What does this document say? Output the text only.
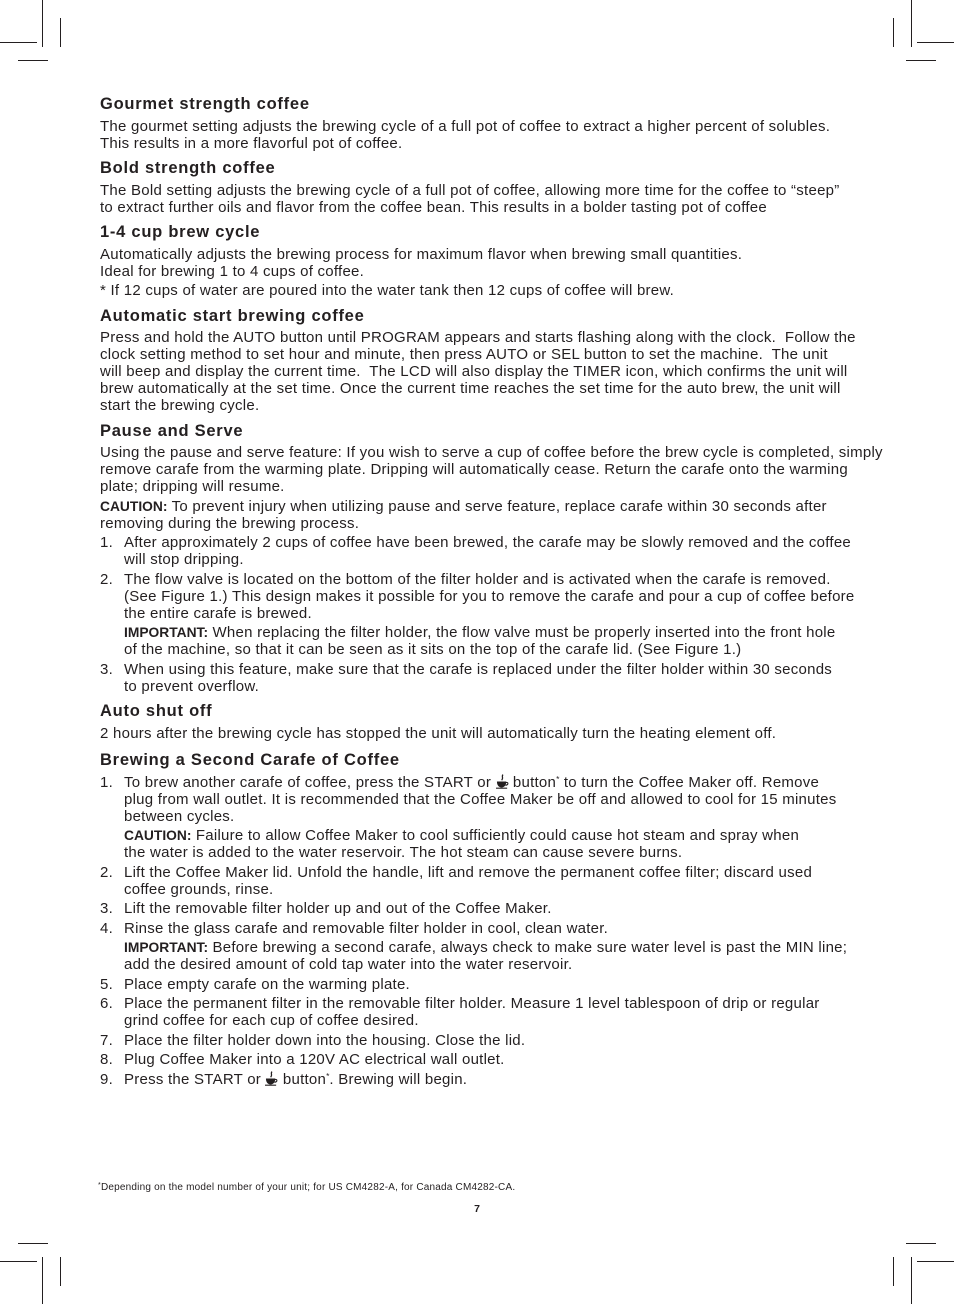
Gourmet strength coffee
The gourmet setting adjusts the brewing cycle of a full pot of coffee to extract a higher percent of solubles.
This results in a more flavorful pot of coffee.
Bold strength coffee
The Bold setting adjusts the brewing cycle of a full pot of coffee, allowing more time for the coffee to “steep”
to extract further oils and flavor from the coffee bean. This results in a bolder tasting pot of coffee
1-4 cup brew cycle
Automatically adjusts the brewing process for maximum flavor when brewing small quantities.
Ideal for brewing 1 to 4 cups of coffee.
* If 12 cups of water are poured into the water tank then 12 cups of coffee will brew.
Automatic start brewing coffee
Press and hold the AUTO button until PROGRAM appears and starts flashing along with the clock.  Follow the
clock setting method to set hour and minute, then press AUTO or SEL button to set the machine.  The unit
will beep and display the current time.  The LCD will also display the TIMER icon, which confirms the unit will
brew automatically at the set time. Once the current time reaches the set time for the auto brew, the unit will
start the brewing cycle.
Pause and Serve
Using the pause and serve feature: If you wish to serve a cup of coffee before the brew cycle is completed, simply
remove carafe from the warming plate. Dripping will automatically cease. Return the carafe onto the warming
plate; dripping will resume.
CAUTION: To prevent injury when utilizing pause and serve feature, replace carafe within 30 seconds after
removing during the brewing process.
1. After approximately 2 cups of coffee have been brewed, the carafe may be slowly removed and the coffee
will stop dripping.
2. The flow valve is located on the bottom of the filter holder and is activated when the carafe is removed.
(See Figure 1.) This design makes it possible for you to remove the carafe and pour a cup of coffee before
the entire carafe is brewed.
IMPORTANT: When replacing the filter holder, the flow valve must be properly inserted into the front hole
of the machine, so that it can be seen as it sits on the top of the carafe lid. (See Figure 1.)
3. When using this feature, make sure that the carafe is replaced under the filter holder within 30 seconds
to prevent overflow.
Auto shut off
2 hours after the brewing cycle has stopped the unit will automatically turn the heating element off.
Brewing a Second Carafe of Coffee
1. To brew another carafe of coffee, press the START or
button* to turn the Coffee Maker off. Remove
plug from wall outlet. It is recommended that the Coffee Maker be off and allowed to cool for 15 minutes
between cycles.
CAUTION: Failure to allow Coffee Maker to cool sufficiently could cause hot steam and spray when
the water is added to the water reservoir. The hot steam can cause severe burns.
2. Lift the Coffee Maker lid. Unfold the handle, lift and remove the permanent coffee filter; discard used
coffee grounds, rinse.
3. Lift the removable filter holder up and out of the Coffee Maker.
4. Rinse the glass carafe and removable filter holder in cool, clean water.
IMPORTANT: Before brewing a second carafe, always check to make sure water level is past the MIN line;
add the desired amount of cold tap water into the water reservoir.
5. Place empty carafe on the warming plate.
6. Place the permanent filter in the removable filter holder. Measure 1 level tablespoon of drip or regular
grind coffee for each cup of coffee desired.
7. Place the filter holder down into the housing. Close the lid.
8. Plug Coffee Maker into a 120V AC electrical wall outlet.
9. Press the START or
button*. Brewing will begin.
*Depending on the model number of your unit; for US CM4282-A, for Canada CM4282-CA.
7
